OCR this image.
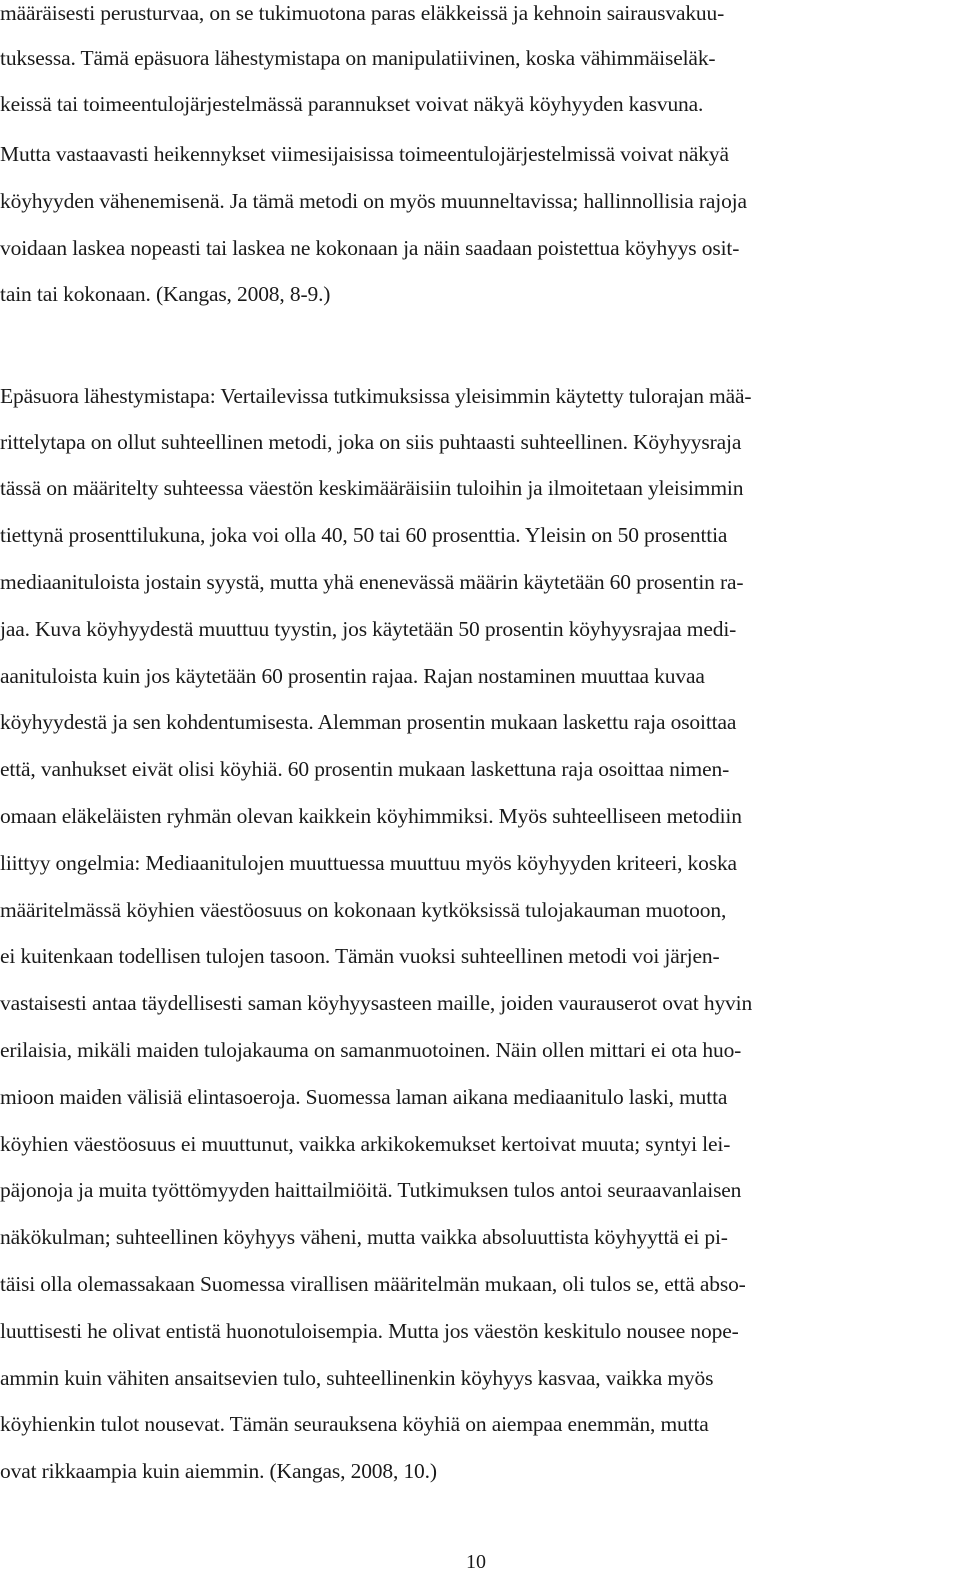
määräisesti perusturvaa, on se tukimuotona paras eläkkeissä ja kehnoin sairausvakuu-
tuksessa. Tämä epäsuora lähestymistapa on manipulatiivinen, koska vähimmäiseläk-
keissä tai toimeentulojärjestelmässä parannukset voivat näkyä köyhyyden kasvuna.
Mutta vastaavasti heikennykset viimesijaisissa toimeentulojärjestelmissä voivat näkyä
köyhyyden vähenemisenä. Ja tämä metodi on myös muunneltavissa; hallinnollisia rajoja
voidaan laskea nopeasti tai laskea ne kokonaan ja näin saadaan poistettua köyhyys osit-
tain tai kokonaan. (Kangas, 2008, 8-9.)
Epäsuora lähestymistapa: Vertailevissa tutkimuksissa yleisimmin käytetty tulorajan mää-
rittelytapa on ollut suhteellinen metodi, joka on siis puhtaasti suhteellinen. Köyhyysraja
tässä on määritelty suhteessa väestön keskimääräisiin tuloihin ja ilmoitetaan yleisimmin
tiettynä prosenttilukuna, joka voi olla 40, 50 tai 60 prosenttia. Yleisin on 50 prosenttia
mediaanituloista jostain syystä, mutta yhä enenevässä määrin käytetään 60 prosentin ra-
jaa. Kuva köyhyydestä muuttuu tyystin, jos käytetään 50 prosentin köyhyysrajaa medi-
aanituloista kuin jos käytetään 60 prosentin rajaa. Rajan nostaminen muuttaa kuvaa
köyhyydestä ja sen kohdentumisesta. Alemman prosentin mukaan laskettu raja osoittaa
että, vanhukset eivät olisi köyhiä. 60 prosentin mukaan laskettuna raja osoittaa nimen-
omaan eläkeläisten ryhmän olevan kaikkein köyhimmiksi. Myös suhteelliseen metodiin
liittyy ongelmia: Mediaanitulojen muuttuessa muuttuu myös köyhyyden kriteeri, koska
määritelmässä köyhien väestöosuus on kokonaan kytköksissä tulojakauman muotoon,
ei kuitenkaan todellisen tulojen tasoon. Tämän vuoksi suhteellinen metodi voi järjen-
vastaisesti antaa täydellisesti saman köyhyysasteen maille, joiden vaurauserot ovat hyvin
erilaisia, mikäli maiden tulojakauma on samanmuotoinen. Näin ollen mittari ei ota huo-
mioon maiden välisiä elintasoeroja. Suomessa laman aikana mediaanitulo laski, mutta
köyhien väestöosuus ei muuttunut, vaikka arkikokemukset kertoivat muuta; syntyi lei-
päjonoja ja muita työttömyyden haittailmiöitä. Tutkimuksen tulos antoi seuraavanlaisen
näkökulman; suhteellinen köyhyys väheni, mutta vaikka absoluuttista köyhyyttä ei pi-
täisi olla olemassakaan Suomessa virallisen määritelmän mukaan, oli tulos se, että abso-
luuttisesti he olivat entistä huonotuloisempia. Mutta jos väestön keskitulo nousee nope-
ammin kuin vähiten ansaitsevien tulo, suhteellinenkin köyhyys kasvaa, vaikka myös
köyhienkin tulot nousevat. Tämän seurauksena köyhiä on aiempaa enemmän, mutta
ovat rikkaampia kuin aiemmin. (Kangas, 2008, 10.)
10
